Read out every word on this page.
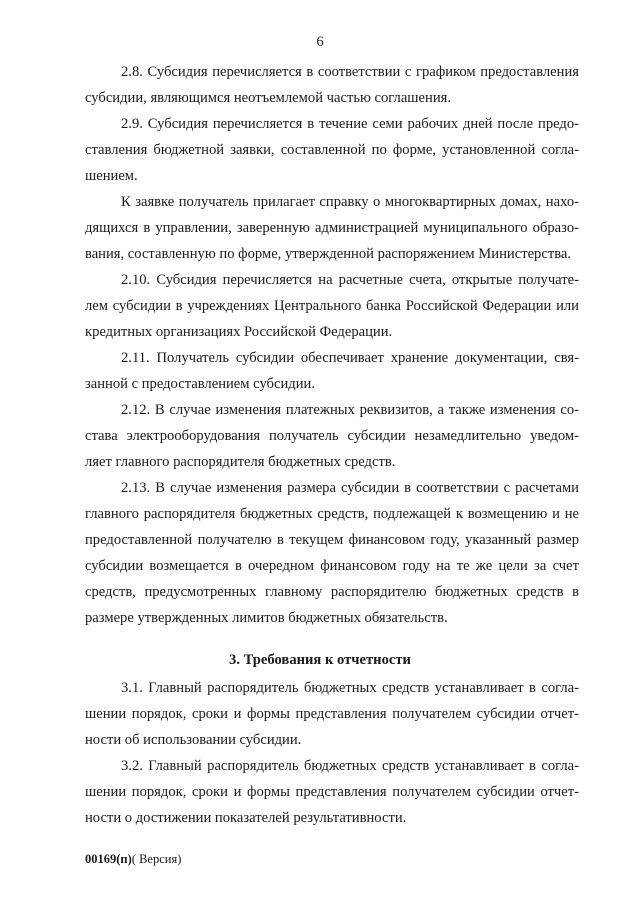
6
2.8. Субсидия перечисляется в соответствии с графиком предоставления
субсидии, являющимся неотъемлемой частью соглашения.
2.9. Субсидия перечисляется в течение семи рабочих дней после предо-
ставления бюджетной заявки, составленной по форме, установленной согла-
шением.
К заявке получатель прилагает справку о многоквартирных домах, нахо-
дящихся в управлении, заверенную администрацией муниципального образо-
вания, составленную по форме, утвержденной распоряжением Министерства.
2.10. Субсидия перечисляется на расчетные счета, открытые получате-
лем субсидии в учреждениях Центрального банка Российской Федерации или
кредитных организациях Российской Федерации.
2.11. Получатель субсидии обеспечивает хранение документации, свя-
занной с предоставлением субсидии.
2.12. В случае изменения платежных реквизитов, а также изменения со-
става электрооборудования получатель субсидии незамедлительно уведом-
ляет главного распорядителя бюджетных средств.
2.13. В случае изменения размера субсидии в соответствии с расчетами
главного распорядителя бюджетных средств, подлежащей к возмещению и не
предоставленной получателю в текущем финансовом году, указанный размер
субсидии возмещается в очередном финансовом году на те же цели за счет
средств, предусмотренных главному распорядителю бюджетных средств в
размере утвержденных лимитов бюджетных обязательств.
3. Требования к отчетности
3.1. Главный распорядитель бюджетных средств устанавливает в согла-
шении порядок, сроки и формы представления получателем субсидии отчет-
ности об использовании субсидии.
3.2. Главный распорядитель бюджетных средств устанавливает в согла-
шении порядок, сроки и формы представления получателем субсидии отчет-
ности о достижении показателей результативности.
00169(п)( Версия)
